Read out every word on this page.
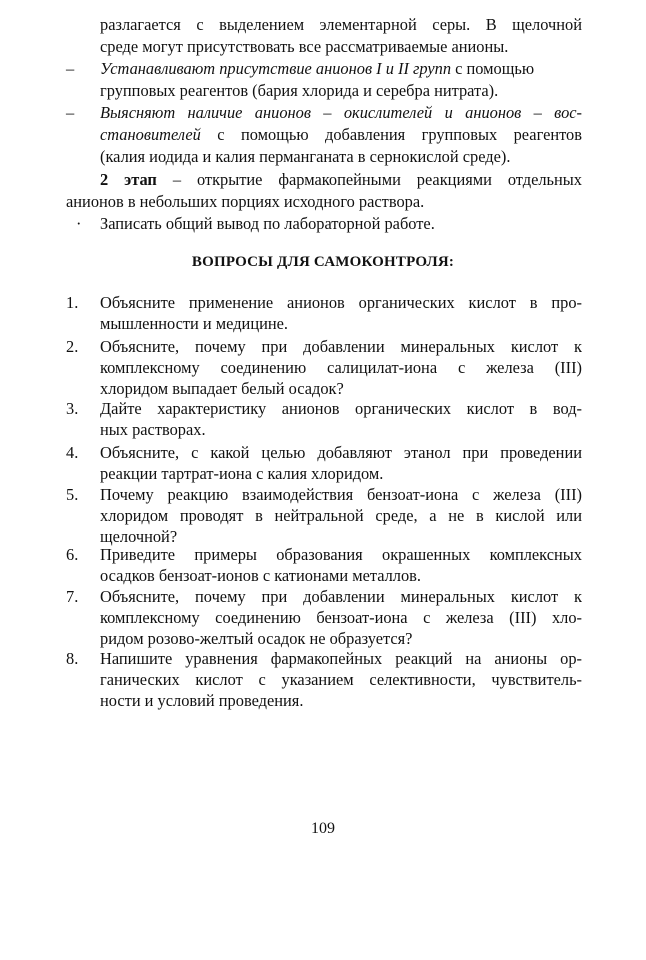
разлагается с выделением элементарной серы. В щелочной
среде могут присутствовать все рассматриваемые анионы.
– Устанавливают присутствие анионов I и II групп с помощью
групповых реагентов (бария хлорида и серебра нитрата).
– Выясняют наличие анионов – окислителей и анионов – вос-
становителей с помощью добавления групповых реагентов
(калия иодида и калия перманганата в сернокислой среде).
2 этап – открытие фармакопейными реакциями отдельных
анионов в небольших порциях исходного раствора.
· Записать общий вывод по лабораторной работе.
ВОПРОСЫ ДЛЯ САМОКОНТРОЛЯ:
1. Объясните применение анионов органических кислот в про-
мышленности и медицине.
2. Объясните, почему при добавлении минеральных кислот к
комплексному соединению салицилат-иона с железа (III)
хлоридом выпадает белый осадок?
3. Дайте характеристику анионов органических кислот в вод-
ных растворах.
4. Объясните, с какой целью добавляют этанол при проведении
реакции тартрат-иона с калия хлоридом.
5. Почему реакцию взаимодействия бензоат-иона с железа (III)
хлоридом проводят в нейтральной среде, а не в кислой или
щелочной?
6. Приведите примеры образования окрашенных комплексных
осадков бензоат-ионов с катионами металлов.
7. Объясните, почему при добавлении минеральных кислот к
комплексному соединению бензоат-иона с железа (III) хло-
ридом розово-желтый осадок не образуется?
8. Напишите уравнения фармакопейных реакций на анионы ор-
ганических кислот с указанием селективности, чувствитель-
ности и условий проведения.
109
